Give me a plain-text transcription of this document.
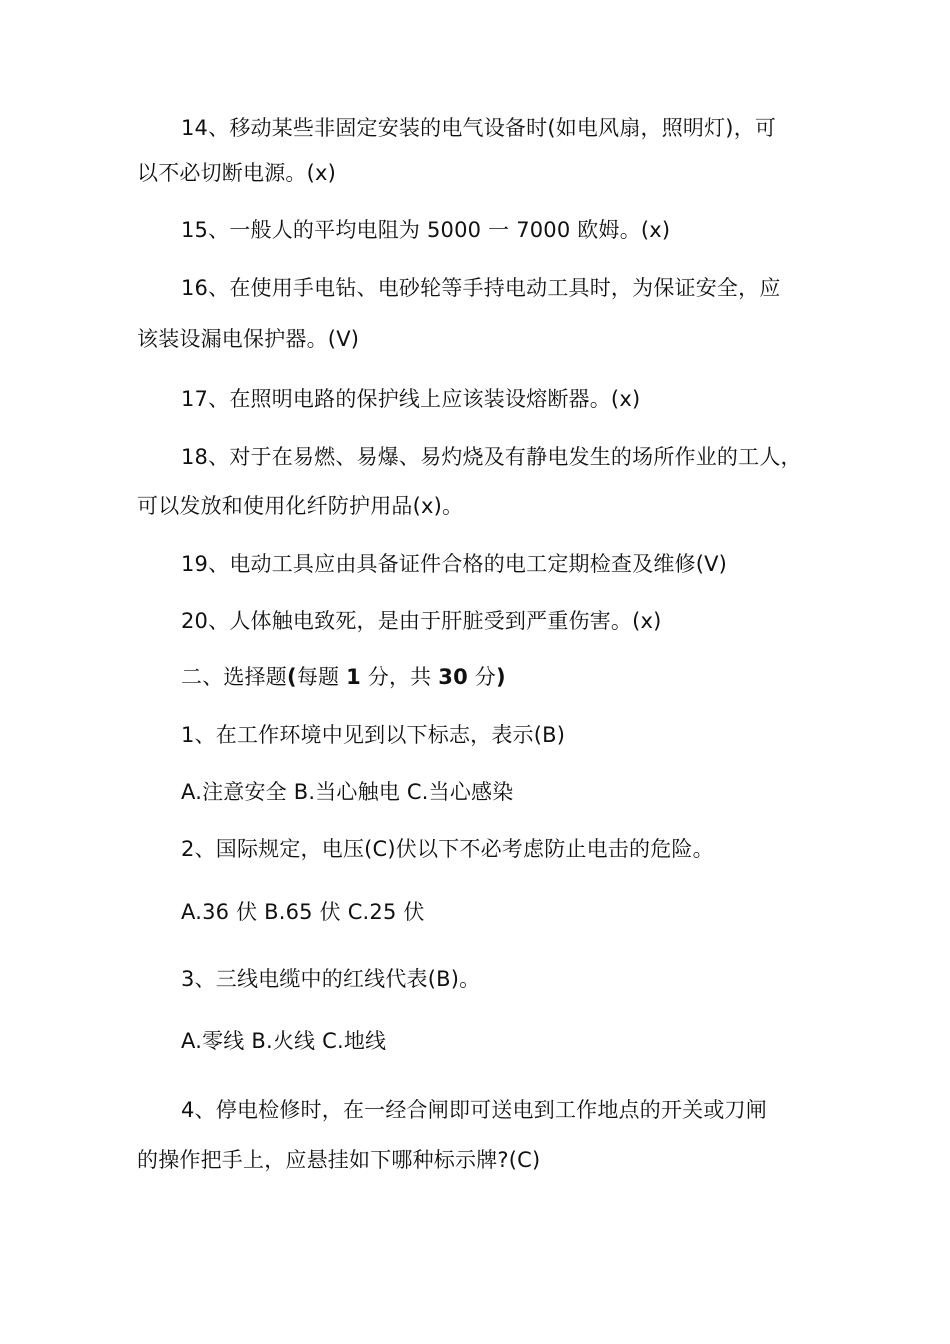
14、移动某些非固定安装的电气设备时(如电风扇，照明灯)，可
以不必切断电源。(x)
15、一般人的平均电阻为 5000 一 7000 欧姆。(x)
16、在使用手电钻、电砂轮等手持电动工具时，为保证安全，应
该装设漏电保护器。(V)
17、在照明电路的保护线上应该装设熔断器。(x)
18、对于在易燃、易爆、易灼烧及有静电发生的场所作业的工人，
可以发放和使用化纤防护用品(x)。
19、电动工具应由具备证件合格的电工定期检查及维修(V)
20、人体触电致死，是由于肝脏受到严重伤害。(x)
二、选择题(每题 1 分，共 30 分)
1、在工作环境中见到以下标志，表示(B)
A.注意安全 B.当心触电 C.当心感染
2、国际规定，电压(C)伏以下不必考虑防止电击的危险。
A.36 伏 B.65 伏 C.25 伏
3、三线电缆中的红线代表(B)。
A.零线 B.火线 C.地线
4、停电检修时，在一经合闸即可送电到工作地点的开关或刀闸
的操作把手上，应悬挂如下哪种标示牌?(C)
